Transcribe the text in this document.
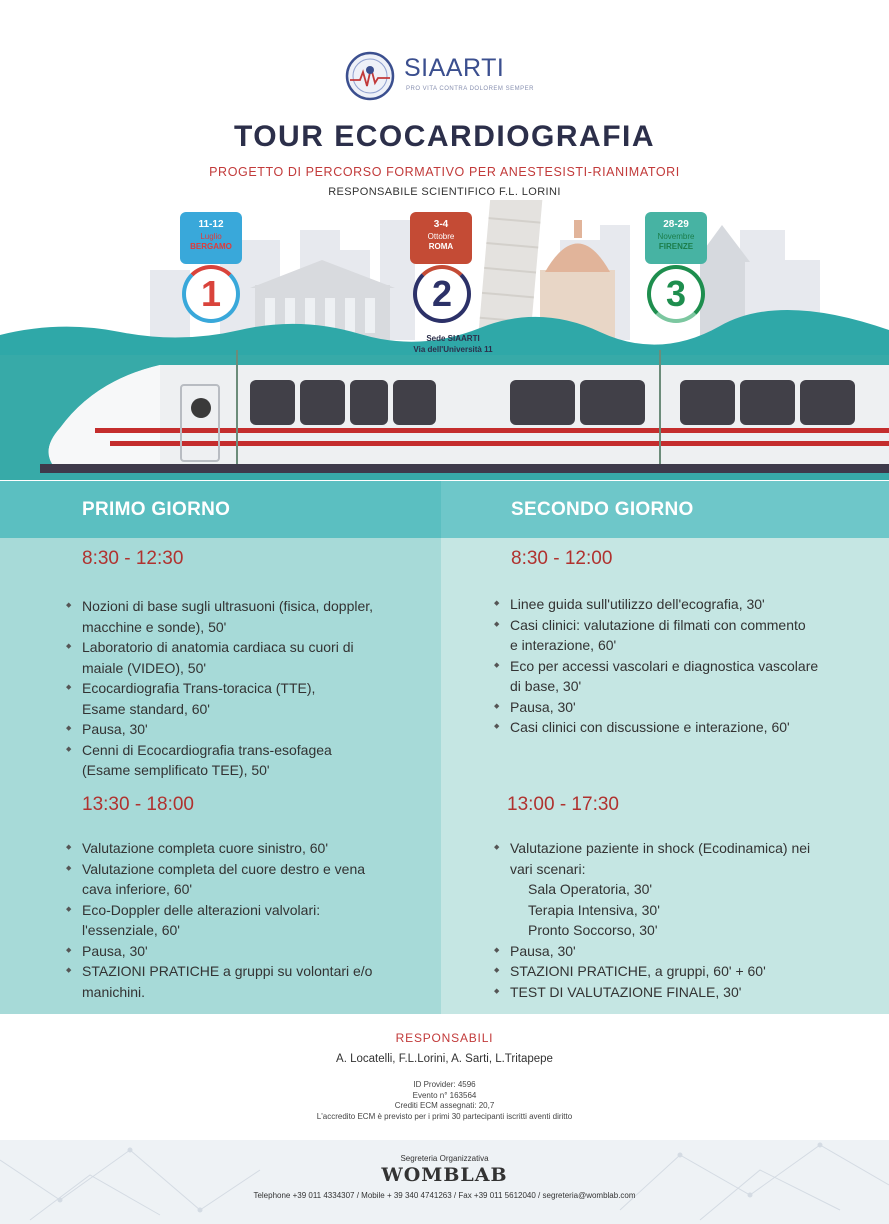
SIAARTI
PRO VITA CONTRA DOLOREM SEMPER
TOUR ECOCARDIOGRAFIA
PROGETTO DI PERCORSO FORMATIVO PER ANESTESISTI-RIANIMATORI
RESPONSABILE SCIENTIFICO F.L. LORINI
11-12
Luglio
BERGAMO
1
3-4
Ottobre
ROMA
2
Sede SIAARTI
Via dell'Università 11
28-29
Novembre
FIRENZE
3
PRIMO GIORNO	SECONDO GIORNO
8:30 - 12:30
◆ Nozioni di base sugli ultrasuoni (fisica, doppler,
macchine e sonde), 50'
◆ Laboratorio di anatomia cardiaca su cuori di
maiale (VIDEO), 50'
◆ Ecocardiografia Trans-toracica (TTE),
Esame standard, 60'
◆ Pausa, 30'
◆ Cenni di Ecocardiografia trans-esofagea
(Esame semplificato TEE), 50'
13:30 - 18:00
◆ Valutazione completa cuore sinistro, 60'
◆ Valutazione completa del cuore destro e vena
cava inferiore, 60'
◆ Eco-Doppler delle alterazioni valvolari:
l'essenziale, 60'
◆ Pausa, 30'
◆ STAZIONI PRATICHE a gruppi su volontari e/o
manichini.
8:30 - 12:00
◆ Linee guida sull'utilizzo dell'ecografia, 30'
◆ Casi clinici: valutazione di filmati con commento
e interazione, 60'
◆ Eco per accessi vascolari e diagnostica vascolare
di base, 30'
◆ Pausa, 30'
◆ Casi clinici con discussione e interazione, 60'
13:00 - 17:30
◆ Valutazione paziente in shock (Ecodinamica) nei
vari scenari:
Sala Operatoria, 30'
Terapia Intensiva, 30'
Pronto Soccorso, 30'
◆ Pausa, 30'
◆ STAZIONI PRATICHE, a gruppi, 60' + 60'
◆ TEST DI VALUTAZIONE FINALE, 30'
RESPONSABILI
A. Locatelli, F.L.Lorini, A. Sarti, L.Tritapepe
ID Provider: 4596
Evento n° 163564
Crediti ECM assegnati: 20,7
L'accredito ECM è previsto per i primi 30 partecipanti iscritti aventi diritto
Segreteria Organizzativa
WOMBLAB
Telephone +39 011 4334307 / Mobile + 39 340 4741263 / Fax +39 011 5612040 / segreteria@womblab.com
